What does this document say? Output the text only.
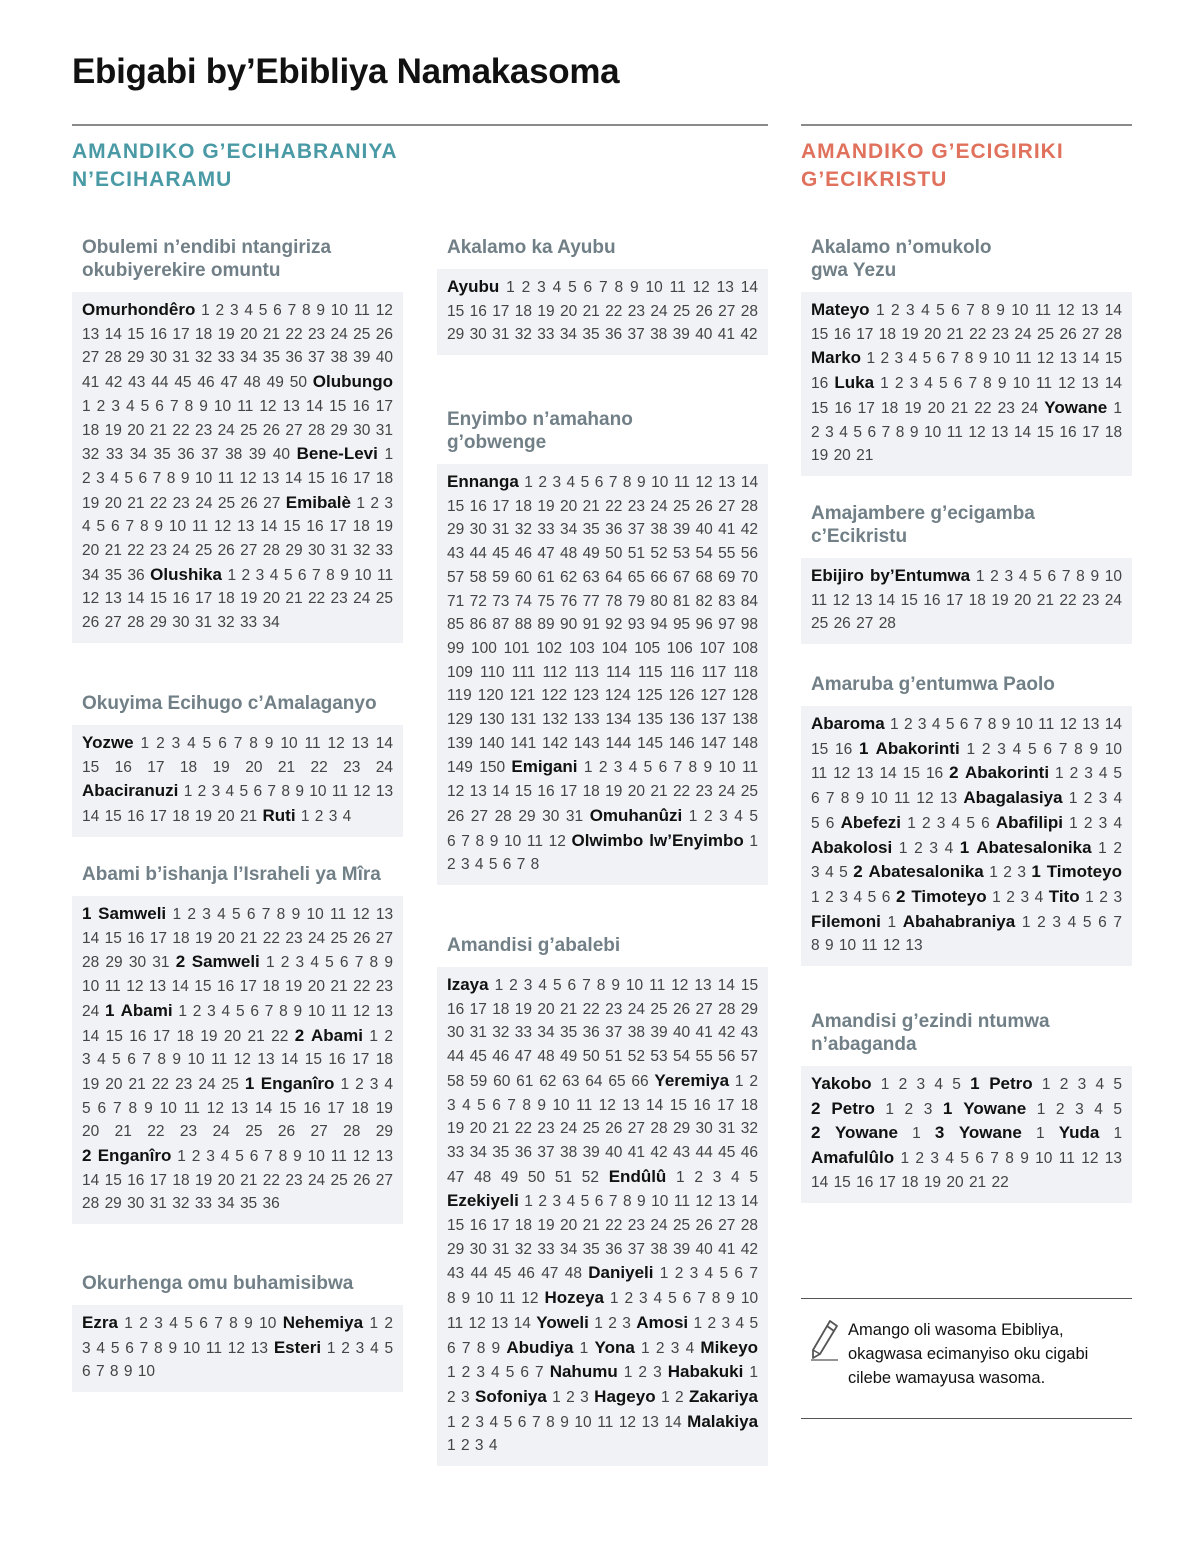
Ebigabi by’Ebibliya Namakasoma
AMANDIKO G’ECIHABRANIYA
N’ECIHARAMU
AMANDIKO G’ECIGIRIKI
G’ECIKRISTU
Obulemi n’endibi ntangiriza
okubiyerekire omuntu
Omurhondêro 1 2 3 4 5 6 7 8 9 10 11 12 13 14 15 16 17 18 19 20 21 22 23 24 25 26 27 28 29 30 31 32 33 34 35 36 37 38 39 40 41 42 43 44 45 46 47 48 49 50 Olubungo 1 2 3 4 5 6 7 8 9 10 11 12 13 14 15 16 17 18 19 20 21 22 23 24 25 26 27 28 29 30 31 32 33 34 35 36 37 38 39 40 Bene-Levi 1 2 3 4 5 6 7 8 9 10 11 12 13 14 15 16 17 18 19 20 21 22 23 24 25 26 27 Emibalè 1 2 3 4 5 6 7 8 9 10 11 12 13 14 15 16 17 18 19 20 21 22 23 24 25 26 27 28 29 30 31 32 33 34 35 36 Olushika 1 2 3 4 5 6 7 8 9 10 11 12 13 14 15 16 17 18 19 20 21 22 23 24 25 26 27 28 29 30 31 32 33 34
Okuyima Ecihugo c’Amalaganyo
Yozwe 1 2 3 4 5 6 7 8 9 10 11 12 13 14 15 16 17 18 19 20 21 22 23 24 Abaciranuzi 1 2 3 4 5 6 7 8 9 10 11 12 13 14 15 16 17 18 19 20 21 Ruti 1 2 3 4
Abami b’ishanja l’Israheli ya Mîra
1 Samweli 1 2 3 4 5 6 7 8 9 10 11 12 13 14 15 16 17 18 19 20 21 22 23 24 25 26 27 28 29 30 31 2 Samweli 1 2 3 4 5 6 7 8 9 10 11 12 13 14 15 16 17 18 19 20 21 22 23 24 1 Abami 1 2 3 4 5 6 7 8 9 10 11 12 13 14 15 16 17 18 19 20 21 22 2 Abami 1 2 3 4 5 6 7 8 9 10 11 12 13 14 15 16 17 18 19 20 21 22 23 24 25 1 Enganîro 1 2 3 4 5 6 7 8 9 10 11 12 13 14 15 16 17 18 19 20 21 22 23 24 25 26 27 28 29 2 Enganîro 1 2 3 4 5 6 7 8 9 10 11 12 13 14 15 16 17 18 19 20 21 22 23 24 25 26 27 28 29 30 31 32 33 34 35 36
Okurhenga omu buhamisibwa
Ezra 1 2 3 4 5 6 7 8 9 10 Nehemiya 1 2 3 4 5 6 7 8 9 10 11 12 13 Esteri 1 2 3 4 5 6 7 8 9 10
Akalamo ka Ayubu
Ayubu 1 2 3 4 5 6 7 8 9 10 11 12 13 14 15 16 17 18 19 20 21 22 23 24 25 26 27 28 29 30 31 32 33 34 35 36 37 38 39 40 41 42
Enyimbo n’amahano
g’obwenge
Ennanga 1 2 3 4 5 6 7 8 9 10 11 12 13 14 15 16 17 18 19 20 21 22 23 24 25 26 27 28 29 30 31 32 33 34 35 36 37 38 39 40 41 42 43 44 45 46 47 48 49 50 51 52 53 54 55 56 57 58 59 60 61 62 63 64 65 66 67 68 69 70 71 72 73 74 75 76 77 78 79 80 81 82 83 84 85 86 87 88 89 90 91 92 93 94 95 96 97 98 99 100 101 102 103 104 105 106 107 108 109 110 111 112 113 114 115 116 117 118 119 120 121 122 123 124 125 126 127 128 129 130 131 132 133 134 135 136 137 138 139 140 141 142 143 144 145 146 147 148 149 150 Emigani 1 2 3 4 5 6 7 8 9 10 11 12 13 14 15 16 17 18 19 20 21 22 23 24 25 26 27 28 29 30 31 Omuhanûzi 1 2 3 4 5 6 7 8 9 10 11 12 Olwimbo lw’Enyimbo 1 2 3 4 5 6 7 8
Amandisi g’abalebi
Izaya 1 2 3 4 5 6 7 8 9 10 11 12 13 14 15 16 17 18 19 20 21 22 23 24 25 26 27 28 29 30 31 32 33 34 35 36 37 38 39 40 41 42 43 44 45 46 47 48 49 50 51 52 53 54 55 56 57 58 59 60 61 62 63 64 65 66 Yeremiya 1 2 3 4 5 6 7 8 9 10 11 12 13 14 15 16 17 18 19 20 21 22 23 24 25 26 27 28 29 30 31 32 33 34 35 36 37 38 39 40 41 42 43 44 45 46 47 48 49 50 51 52 Endûlû 1 2 3 4 5 Ezekiyeli 1 2 3 4 5 6 7 8 9 10 11 12 13 14 15 16 17 18 19 20 21 22 23 24 25 26 27 28 29 30 31 32 33 34 35 36 37 38 39 40 41 42 43 44 45 46 47 48 Daniyeli 1 2 3 4 5 6 7 8 9 10 11 12 Hozeya 1 2 3 4 5 6 7 8 9 10 11 12 13 14 Yoweli 1 2 3 Amosi 1 2 3 4 5 6 7 8 9 Abudiya 1 Yona 1 2 3 4 Mikeyo 1 2 3 4 5 6 7 Nahumu 1 2 3 Habakuki 1 2 3 Sofoniya 1 2 3 Hageyo 1 2 Zakariya 1 2 3 4 5 6 7 8 9 10 11 12 13 14 Malakiya 1 2 3 4
Akalamo n’omukolo
gwa Yezu
Mateyo 1 2 3 4 5 6 7 8 9 10 11 12 13 14 15 16 17 18 19 20 21 22 23 24 25 26 27 28 Marko 1 2 3 4 5 6 7 8 9 10 11 12 13 14 15 16 Luka 1 2 3 4 5 6 7 8 9 10 11 12 13 14 15 16 17 18 19 20 21 22 23 24 Yowane 1 2 3 4 5 6 7 8 9 10 11 12 13 14 15 16 17 18 19 20 21
Amajambere g’ecigamba
c’Ecikristu
Ebijiro by’Entumwa 1 2 3 4 5 6 7 8 9 10 11 12 13 14 15 16 17 18 19 20 21 22 23 24 25 26 27 28
Amaruba g’entumwa Paolo
Abaroma 1 2 3 4 5 6 7 8 9 10 11 12 13 14 15 16 1 Abakorinti 1 2 3 4 5 6 7 8 9 10 11 12 13 14 15 16 2 Abakorinti 1 2 3 4 5 6 7 8 9 10 11 12 13 Abagalasiya 1 2 3 4 5 6 Abefezi 1 2 3 4 5 6 Abafilipi 1 2 3 4 Abakolosi 1 2 3 4 1 Abatesalonika 1 2 3 4 5 2 Abatesalonika 1 2 3 1 Timoteyo 1 2 3 4 5 6 2 Timoteyo 1 2 3 4 Tito 1 2 3 Filemoni 1 Abahabraniya 1 2 3 4 5 6 7 8 9 10 11 12 13
Amandisi g’ezindi ntumwa
n’abaganda
Yakobo 1 2 3 4 5 1 Petro 1 2 3 4 5 2 Petro 1 2 3 1 Yowane 1 2 3 4 5 2 Yowane 1 3 Yowane 1 Yuda 1 Amafulûlo 1 2 3 4 5 6 7 8 9 10 11 12 13 14 15 16 17 18 19 20 21 22

Amango oli wasoma Ebibliya,
okagwasa ecimanyiso oku cigabi
cilebe wamayusa wasoma.
